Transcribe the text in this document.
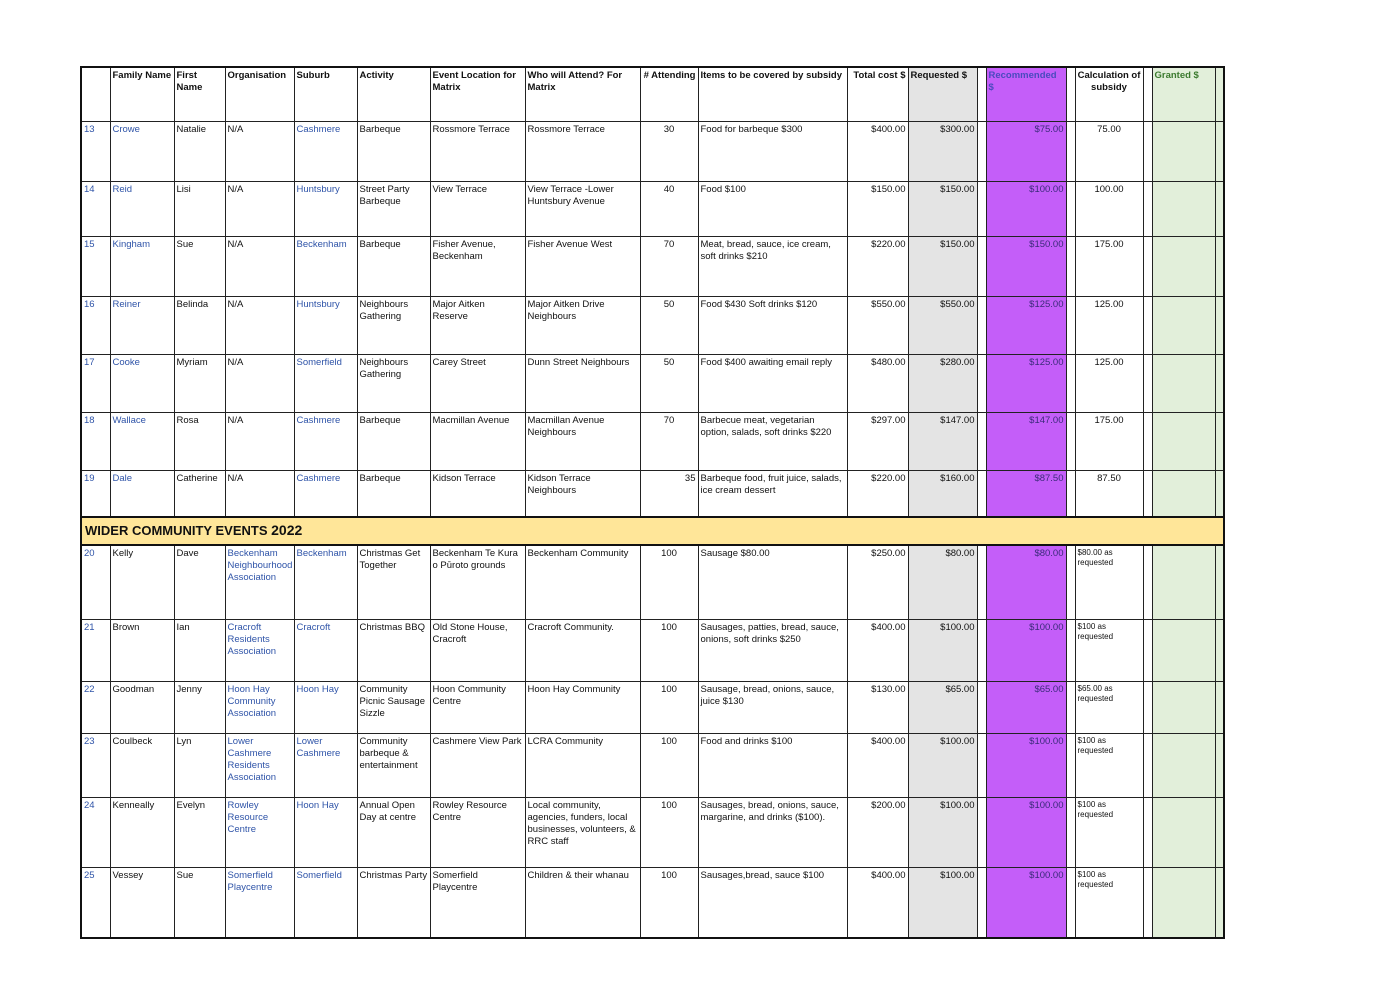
	Family Name	First Name	Organisation	Suburb	Activity	Event Location for Matrix	Who will Attend? For Matrix	# Attending	Items to be covered by subsidy	Total cost $	Requested $		Recommended $		Calculation of subsidy		Granted $	
13	Crowe	Natalie	N/A	Cashmere	Barbeque	Rossmore Terrace	Rossmore Terrace	30	Food for barbeque $300	$400.00	$300.00		$75.00		75.00			
14	Reid	Lisi	N/A	Huntsbury	Street Party Barbeque	View Terrace	View Terrace -Lower Huntsbury Avenue	40	Food $100	$150.00	$150.00		$100.00		100.00			
15	Kingham	Sue	N/A	Beckenham	Barbeque	Fisher Avenue, Beckenham	Fisher Avenue West	70	Meat, bread, sauce, ice cream, soft drinks $210	$220.00	$150.00		$150.00		175.00			
16	Reiner	Belinda	N/A	Huntsbury	Neighbours Gathering	Major Aitken Reserve	Major Aitken Drive Neighbours	50	Food $430 Soft drinks $120	$550.00	$550.00		$125.00		125.00			
17	Cooke	Myriam	N/A	Somerfield	Neighbours Gathering	Carey Street	Dunn Street Neighbours	50	Food $400 awaiting email reply	$480.00	$280.00		$125.00		125.00			
18	Wallace	Rosa	N/A	Cashmere	Barbeque	Macmillan Avenue	Macmillan Avenue Neighbours	70	Barbecue meat, vegetarian option, salads, soft drinks $220	$297.00	$147.00		$147.00		175.00			
19	Dale	Catherine	N/A	Cashmere	Barbeque	Kidson Terrace	Kidson Terrace Neighbours	35	Barbeque food, fruit juice, salads, ice cream dessert	$220.00	$160.00		$87.50		87.50			
WIDER COMMUNITY EVENTS 2022																		
20	Kelly	Dave	Beckenham Neighbourhood Association	Beckenham	Christmas Get Together	Beckenham Te Kura o Pūroto grounds	Beckenham Community	100	Sausage $80.00	$250.00	$80.00		$80.00		$80.00 as requested			
21	Brown	Ian	Cracroft Residents Association	Cracroft	Christmas BBQ	Old Stone House, Cracroft	Cracroft Community.	100	Sausages, patties, bread, sauce, onions, soft drinks $250	$400.00	$100.00		$100.00		$100 as requested			
22	Goodman	Jenny	Hoon Hay Community Association	Hoon Hay	Community Picnic Sausage Sizzle	Hoon Community Centre	Hoon Hay Community	100	Sausage, bread, onions, sauce, juice $130	$130.00	$65.00		$65.00		$65.00 as requested			
23	Coulbeck	Lyn	Lower Cashmere Residents Association	Lower Cashmere	Community barbeque & entertainment	Cashmere View Park	LCRA Community	100	Food and drinks $100	$400.00	$100.00		$100.00		$100 as requested			
24	Kenneally	Evelyn	Rowley Resource Centre	Hoon Hay	Annual Open Day at centre	Rowley Resource Centre	Local community, agencies, funders, local businesses, volunteers, & RRC staff	100	Sausages, bread, onions, sauce, margarine, and drinks ($100).	$200.00	$100.00		$100.00		$100 as requested			
25	Vessey	Sue	Somerfield Playcentre	Somerfield	Christmas Party	Somerfield Playcentre	Children & their whanau	100	Sausages,bread, sauce $100	$400.00	$100.00		$100.00		$100 as requested			
